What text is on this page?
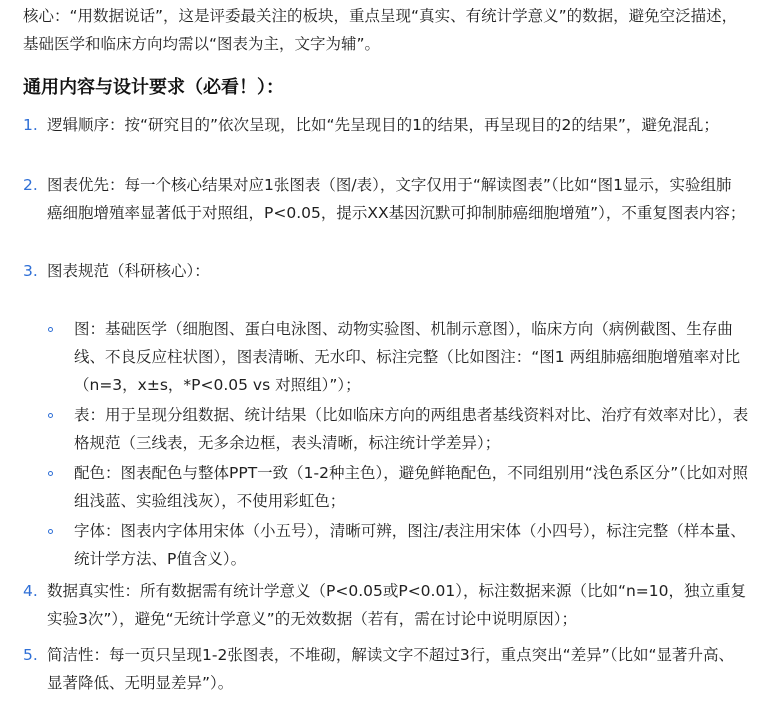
核心：“用数据说话”，这是评委最关注的板块，重点呈现“真实、有统计学意义”的数据，避免空泛描述，基础医学和临床方向均需以“图表为主，文字为辅”。

通用内容与设计要求（必看！）：
1. 逻辑顺序：按“研究目的”依次呈现，比如“先呈现目的1的结果，再呈现目的2的结果”，避免混乱；
2. 图表优先：每一个核心结果对应1张图表（图/表），文字仅用于“解读图表”（比如“图1显示，实验组肺癌细胞增殖率显著低于对照组，P<0.05，提示XX基因沉默可抑制肺癌细胞增殖”），不重复图表内容；
3. 图表规范（科研核心）：
图：基础医学（细胞图、蛋白电泳图、动物实验图、机制示意图），临床方向（病例截图、生存曲线、不良反应柱状图），图表清晰、无水印、标注完整（比如图注：“图1 两组肺癌细胞增殖率对比（n=3，x±s，*P<0.05 vs 对照组）”）；
表：用于呈现分组数据、统计结果（比如临床方向的两组患者基线资料对比、治疗有效率对比），表格规范（三线表，无多余边框，表头清晰，标注统计学差异）；
配色：图表配色与整体PPT一致（1-2种主色），避免鲜艳配色，不同组别用“浅色系区分”（比如对照组浅蓝、实验组浅灰），不使用彩虹色；
字体：图表内字体用宋体（小五号），清晰可辨，图注/表注用宋体（小四号），标注完整（样本量、统计学方法、P值含义）。
4. 数据真实性：所有数据需有统计学意义（P<0.05或P<0.01），标注数据来源（比如“n=10，独立重复实验3次”），避免“无统计学意义”的无效数据（若有，需在讨论中说明原因）；
5. 简洁性：每一页只呈现1-2张图表，不堆砌，解读文字不超过3行，重点突出“差异”（比如“显著升高、显著降低、无明显差异”）。
